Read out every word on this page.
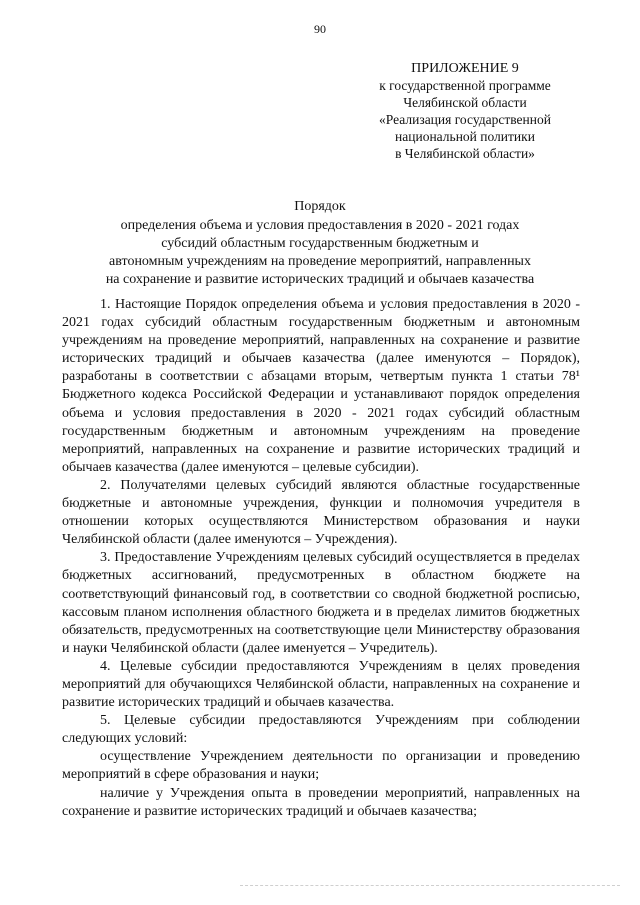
90
ПРИЛОЖЕНИЕ 9
к государственной программе
Челябинской области
«Реализация государственной
национальной политики
в Челябинской области»
Порядок
определения объема и условия предоставления в 2020 - 2021 годах
субсидий областным государственным бюджетным и
автономным учреждениям на проведение мероприятий, направленных
на сохранение и развитие исторических традиций и обычаев казачества

1. Настоящие Порядок определения объема и условия предоставления в 2020 - 2021 годах субсидий областным государственным бюджетным и автономным учреждениям на проведение мероприятий, направленных на сохранение и развитие исторических традиций и обычаев казачества (далее именуются – Порядок), разработаны в соответствии с абзацами вторым, четвертым пункта 1 статьи 78¹ Бюджетного кодекса Российской Федерации и устанавливают порядок определения объема и условия предоставления в 2020 - 2021 годах субсидий областным государственным бюджетным и автономным учреждениям на проведение мероприятий, направленных на сохранение и развитие исторических традиций и обычаев казачества (далее именуются – целевые субсидии).

2. Получателями целевых субсидий являются областные государственные бюджетные и автономные учреждения, функции и полномочия учредителя в отношении которых осуществляются Министерством образования и науки Челябинской области (далее именуются – Учреждения).

3. Предоставление Учреждениям целевых субсидий осуществляется в пределах бюджетных ассигнований, предусмотренных в областном бюджете на соответствующий финансовый год, в соответствии со сводной бюджетной росписью, кассовым планом исполнения областного бюджета и в пределах лимитов бюджетных обязательств, предусмотренных на соответствующие цели Министерству образования и науки Челябинской области (далее именуется – Учредитель).

4. Целевые субсидии предоставляются Учреждениям в целях проведения мероприятий для обучающихся Челябинской области, направленных на сохранение и развитие исторических традиций и обычаев казачества.

5. Целевые субсидии предоставляются Учреждениям при соблюдении следующих условий:

осуществление Учреждением деятельности по организации и проведению мероприятий в сфере образования и науки;

наличие у Учреждения опыта в проведении мероприятий, направленных на сохранение и развитие исторических традиций и обычаев казачества;
